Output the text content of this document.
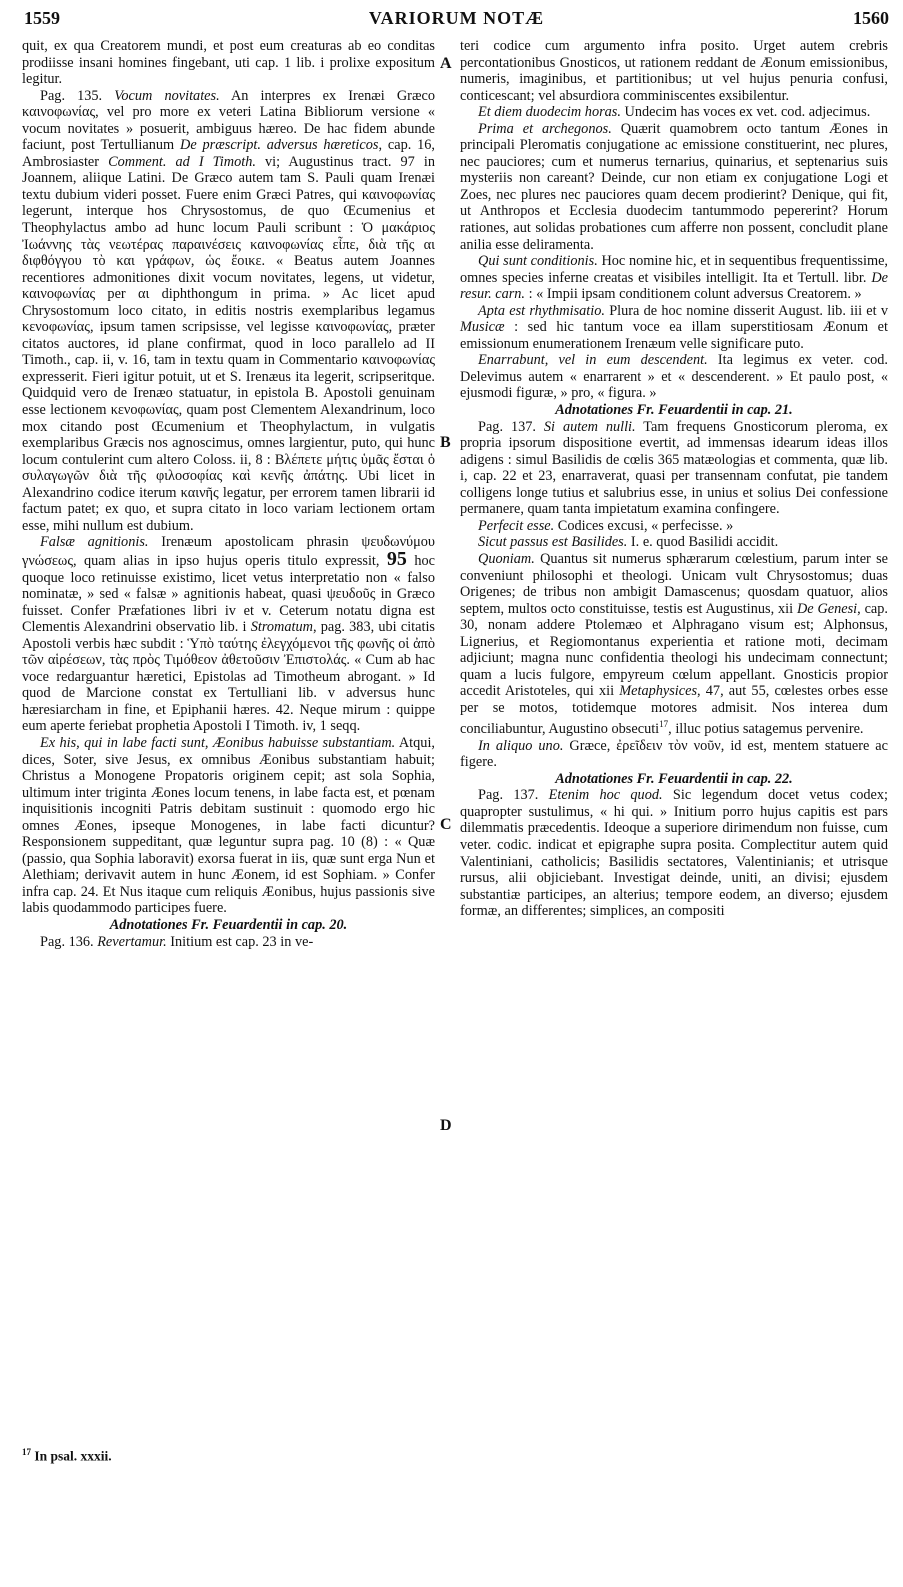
1559	VARIORUM NOTÆ	1560
A
B
C
D

quit, ex qua Creatorem mundi, et post eum creaturas ab eo conditas prodiisse insani homines fingebant, uti cap. 1 lib. i prolixe expositum legitur.

Pag. 135. Vocum novitates. An interpres ex Irenæi Græco καινοφωνίας, vel pro more ex veteri Latina Bibliorum versione « vocum novitates » posuerit, ambiguus hæreo. De hac fidem abunde faciunt, post Tertullianum De præscript. adversus hæreticos, cap. 16, Ambrosiaster Comment. ad I Timoth. vi; Augustinus tract. 97 in Joannem, aliique Latini. De Græco autem tam S. Pauli quam Irenæi textu dubium videri posset. Fuere enim Græci Patres, qui καινοφωνίας legerunt, interque hos Chrysostomus, de quo Œcumenius et Theophylactus ambo ad hunc locum Pauli scribunt : Ὁ μακάριος Ἰωάννης τὰς νεωτέρας παραινέσεις καινοφωνίας εἶπε, διὰ τῆς αι διφθόγγου τὸ και γράφων, ὡς ἔοικε. « Beatus autem Joannes recentiores admonitiones dixit vocum novitates, legens, ut videtur, καινοφωνίας per αι diphthongum in prima. » Ac licet apud Chrysostomum loco citato, in editis nostris exemplaribus legamus κενοφωνίας, ipsum tamen scripsisse, vel legisse καινοφωνίας, præter citatos auctores, id plane confirmat, quod in loco parallelo ad II Timoth., cap. ii, v. 16, tam in textu quam in Commentario καινοφωνίας expresserit. Fieri igitur potuit, ut et S. Irenæus ita legerit, scripseritque. Quidquid vero de Irenæo statuatur, in epistola B. Apostoli genuinam esse lectionem κενοφωνίας, quam post Clementem Alexandrinum, loco mox citando post Œcumenium et Theophylactum, in vulgatis exemplaribus Græcis nos agnoscimus, omnes largientur, puto, qui hunc locum contulerint cum altero Coloss. ii, 8 : Βλέπετε μήτις ὑμᾶς ἔσται ὁ συλαγωγῶν διὰ τῆς φιλοσοφίας καὶ κενῆς ἀπάτης. Ubi licet in Alexandrino codice iterum καινῆς legatur, per errorem tamen librarii id factum patet; ex quo, et supra citato in loco variam lectionem ortam esse, mihi nullum est dubium.

Falsæ agnitionis. Irenæum apostolicam phrasin ψευδωνύμου γνώσεως, quam alias in ipso hujus operis titulo expressit, 95 hoc quoque loco retinuisse existimo, licet vetus interpretatio non « falso nominatæ, » sed « falsæ » agnitionis habeat, quasi ψευδοῦς in Græco fuisset. Confer Præfationes libri iv et v. Ceterum notatu digna est Clementis Alexandrini observatio lib. i Stromatum, pag. 383, ubi citatis Apostoli verbis hæc subdit : Ὑπὸ ταύτης ἐλεγχόμενοι τῆς φωνῆς οἱ ἀπὸ τῶν αἱρέσεων, τὰς πρὸς Τιμόθεον ἀθετοῦσιν Ἐπιστολάς. « Cum ab hac voce redarguantur hæretici, Epistolas ad Timotheum abrogant. » Id quod de Marcione constat ex Tertulliani lib. v adversus hunc hæresiarcham in fine, et Epiphanii hæres. 42. Neque mirum : quippe eum aperte feriebat prophetia Apostoli I Timoth. iv, 1 seqq.

Ex his, qui in labe facti sunt, Æonibus habuisse substantiam. Atqui, dices, Soter, sive Jesus, ex omnibus Æonibus substantiam habuit; Christus a Monogene Propatoris originem cepit; ast sola Sophia, ultimum inter triginta Æones locum tenens, in labe facta est, et pœnam inquisitionis incogniti Patris debitam sustinuit : quomodo ergo hic omnes Æones, ipseque Monogenes, in labe facti dicuntur? Responsionem suppeditant, quæ leguntur supra pag. 10 (8) : « Quæ (passio, qua Sophia laboravit) exorsa fuerat in iis, quæ sunt erga Nun et Alethiam; derivavit autem in hunc Æonem, id est Sophiam. » Confer infra cap. 24. Et Nus itaque cum reliquis Æonibus, hujus passionis sive labis quodammodo participes fuere.

Adnotationes Fr. Feuardentii in cap. 20.

Pag. 136. Revertamur. Initium est cap. 23 in ve-

$^{17}$ In psal. xxxii.

teri codice cum argumento infra posito. Urget autem crebris percontationibus Gnosticos, ut rationem reddant de Æonum emissionibus, numeris, imaginibus, et partitionibus; ut vel hujus penuria confusi, conticescant; vel absurdiora comminiscentes exsibilentur.

Et diem duodecim horas. Undecim has voces ex vet. cod. adjecimus.

Prima et archegonos. Quærit quamobrem octo tantum Æones in principali Pleromatis conjugatione ac emissione constituerint, nec plures, nec pauciores; cum et numerus ternarius, quinarius, et septenarius suis mysteriis non careant? Deinde, cur non etiam ex conjugatione Logi et Zoes, nec plures nec pauciores quam decem prodierint? Denique, qui fit, ut Anthropos et Ecclesia duodecim tantummodo pepererint? Horum rationes, aut solidas probationes cum afferre non possent, concludit plane anilia esse deliramenta.

Qui sunt conditionis. Hoc nomine hic, et in sequentibus frequentissime, omnes species inferne creatas et visibiles intelligit. Ita et Tertull. libr. De resur. carn. : « Impii ipsam conditionem colunt adversus Creatorem. »

Apta est rhythmisatio. Plura de hoc nomine disserit August. lib. iii et v Musicæ : sed hic tantum voce ea illam superstitiosam Æonum et emissionum enumerationem Irenæum velle significare puto.

Enarrabunt, vel in eum descendent. Ita legimus ex veter. cod. Delevimus autem « enarrarent » et « descenderent. » Et paulo post, « ejusmodi figuræ, » pro, « figura. »

Adnotationes Fr. Feuardentii in cap. 21.

Pag. 137. Si autem nulli. Tam frequens Gnosticorum pleroma, ex propria ipsorum dispositione evertit, ad immensas idearum ideas illos adigens : simul Basilidis de cœlis 365 matæologias et commenta, quæ lib. i, cap. 22 et 23, enarraverat, quasi per transennam confutat, pie tandem colligens longe tutius et salubrius esse, in unius et solius Dei confessione permanere, quam tanta impietatum examina confingere.

Perfecit esse. Codices excusi, « perfecisse. »

Sicut passus est Basilides. I. e. quod Basilidi accidit.

Quoniam. Quantus sit numerus sphærarum cœlestium, parum inter se conveniunt philosophi et theologi. Unicam vult Chrysostomus; duas Origenes; de tribus non ambigit Damascenus; quosdam quatuor, alios septem, multos octo constituisse, testis est Augustinus, xii De Genesi, cap. 30, nonam addere Ptolemæo et Alphragano visum est; Alphonsus, Lignerius, et Regiomontanus experientia et ratione moti, decimam adjiciunt; magna nunc confidentia theologi his undecimam connectunt; quam a lucis fulgore, empyreum cœlum appellant. Gnosticis propior accedit Aristoteles, qui xii Metaphysices, 47, aut 55, cœlestes orbes esse per se motos, totidemque motores admisit. Nos interea dum conciliabuntur, Augustino obsecuti$^{17}$, illuc potius satagemus pervenire.

In aliquo uno. Græce, ἐρεῖδειν τὸν νοῦν, id est, mentem statuere ac figere.

Adnotationes Fr. Feuardentii in cap. 22.

Pag. 137. Etenim hoc quod. Sic legendum docet vetus codex; quapropter sustulimus, « hi qui. » Initium porro hujus capitis est pars dilemmatis præcedentis. Ideoque a superiore dirimendum non fuisse, cum veter. codic. indicat et epigraphe supra posita. Complectitur autem quid Valentiniani, catholicis; Basilidis sectatores, Valentinianis; et utrisque rursus, alii objiciebant. Investigat deinde, uniti, an divisi; ejusdem substantiæ participes, an alterius; tempore eodem, an diverso; ejusdem formæ, an differentes; simplices, an compositi
